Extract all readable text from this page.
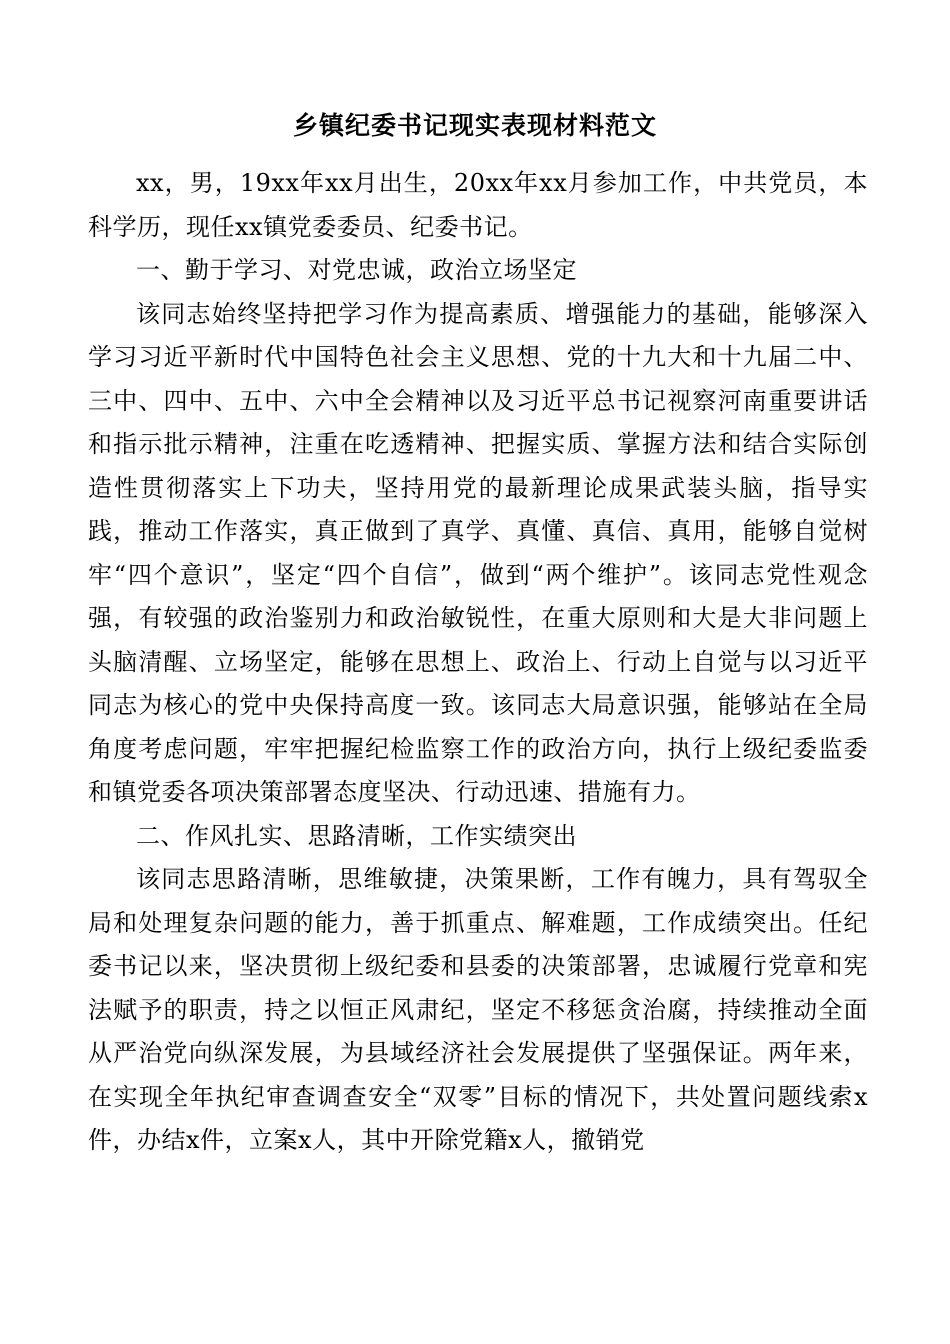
乡镇纪委书记现实表现材料范文

xx，男，19xx年xx月出生，20xx年xx月参加工作，中共党员，本科学历，现任xx镇党委委员、纪委书记。

一、勤于学习、对党忠诚，政治立场坚定

该同志始终坚持把学习作为提高素质、增强能力的基础，能够深入学习习近平新时代中国特色社会主义思想、党的十九大和十九届二中、三中、四中、五中、六中全会精神以及习近平总书记视察河南重要讲话和指示批示精神，注重在吃透精神、把握实质、掌握方法和结合实际创造性贯彻落实上下功夫，坚持用党的最新理论成果武装头脑，指导实践，推动工作落实，真正做到了真学、真懂、真信、真用，能够自觉树牢“四个意识”，坚定“四个自信”，做到“两个维护”。该同志党性观念强，有较强的政治鉴别力和政治敏锐性，在重大原则和大是大非问题上头脑清醒、立场坚定，能够在思想上、政治上、行动上自觉与以习近平同志为核心的党中央保持高度一致。该同志大局意识强，能够站在全局角度考虑问题，牢牢把握纪检监察工作的政治方向，执行上级纪委监委和镇党委各项决策部署态度坚决、行动迅速、措施有力。

二、作风扎实、思路清晰，工作实绩突出

该同志思路清晰，思维敏捷，决策果断，工作有魄力，具有驾驭全局和处理复杂问题的能力，善于抓重点、解难题，工作成绩突出。任纪委书记以来，坚决贯彻上级纪委和县委的决策部署，忠诚履行党章和宪法赋予的职责，持之以恒正风肃纪，坚定不移惩贪治腐，持续推动全面从严治党向纵深发展，为县域经济社会发展提供了坚强保证。两年来，在实现全年执纪审查调查安全“双零”目标的情况下，共处置问题线索x件，办结x件，立案x人，其中开除党籍x人，撤销党
